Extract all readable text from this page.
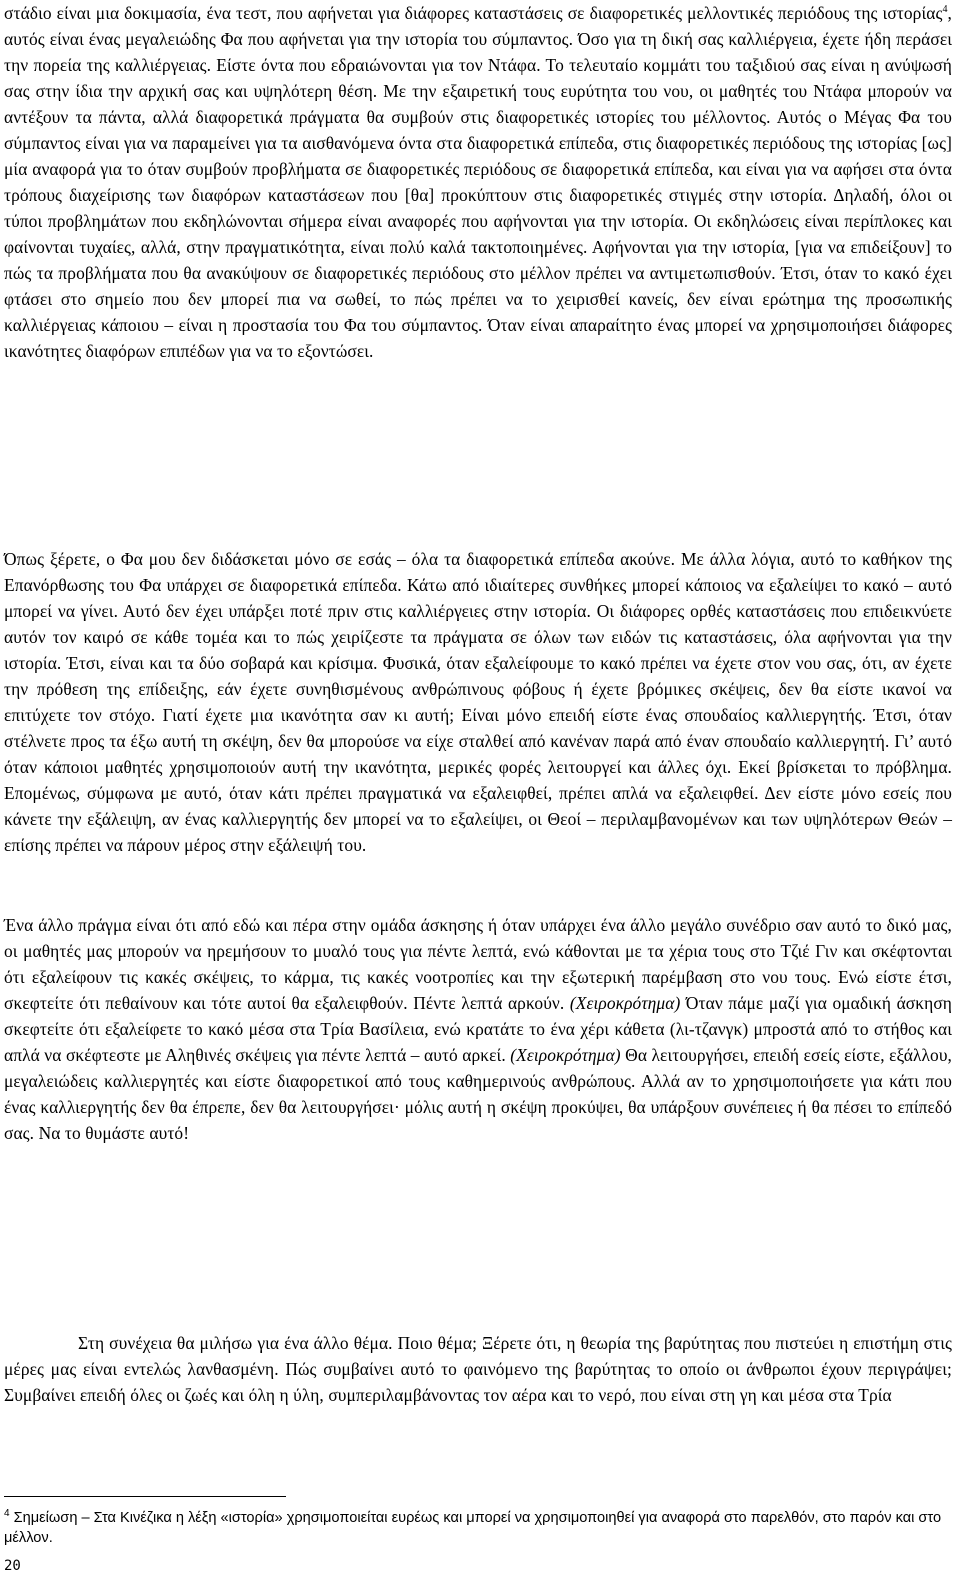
στάδιο είναι μια δοκιμασία, ένα τεστ, που αφήνεται για διάφορες καταστάσεις σε διαφορετικές μελλοντικές περιόδους της ιστορίας$^4$, αυτός είναι ένας μεγαλειώδης Φα που αφήνεται για την ιστορία του σύμπαντος. Όσο για τη δική σας καλλιέργεια, έχετε ήδη περάσει την πορεία της καλλιέργειας. Είστε όντα που εδραιώνονται για τον Ντάφα. Το τελευταίο κομμάτι του ταξιδιού σας είναι η ανύψωσή σας στην ίδια την αρχική σας και υψηλότερη θέση. Με την εξαιρετική τους ευρύτητα του νου, οι μαθητές του Ντάφα μπορούν να αντέξουν τα πάντα, αλλά διαφορετικά πράγματα θα συμβούν στις διαφορετικές ιστορίες του μέλλοντος. Αυτός ο Μέγας Φα του σύμπαντος είναι για να παραμείνει για τα αισθανόμενα όντα στα διαφορετικά επίπεδα, στις διαφορετικές περιόδους της ιστορίας [ως] μία αναφορά για το όταν συμβούν προβλήματα σε διαφορετικές περιόδους σε διαφορετικά επίπεδα, και είναι για να αφήσει στα όντα τρόπους διαχείρισης των διαφόρων καταστάσεων που [θα] προκύπτουν στις διαφορετικές στιγμές στην ιστορία. Δηλαδή, όλοι οι τύποι προβλημάτων που εκδηλώνονται σήμερα είναι αναφορές που αφήνονται για την ιστορία. Οι εκδηλώσεις είναι περίπλοκες και φαίνονται τυχαίες, αλλά, στην πραγματικότητα, είναι πολύ καλά τακτοποιημένες. Αφήνονται για την ιστορία, [για να επιδείξουν] το πώς τα προβλήματα που θα ανακύψουν σε διαφορετικές περιόδους στο μέλλον πρέπει να αντιμετωπισθούν. Έτσι, όταν το κακό έχει φτάσει στο σημείο που δεν μπορεί πια να σωθεί, το πώς πρέπει να το χειρισθεί κανείς, δεν είναι ερώτημα της προσωπικής καλλιέργειας κάποιου – είναι η προστασία του Φα του σύμπαντος. Όταν είναι απαραίτητο ένας μπορεί να χρησιμοποιήσει διάφορες ικανότητες διαφόρων επιπέδων για να το εξοντώσει.

Όπως ξέρετε, ο Φα μου δεν διδάσκεται μόνο σε εσάς – όλα τα διαφορετικά επίπεδα ακούνε. Με άλλα λόγια, αυτό το καθήκον της Επανόρθωσης του Φα υπάρχει σε διαφορετικά επίπεδα. Κάτω από ιδιαίτερες συνθήκες μπορεί κάποιος να εξαλείψει το κακό – αυτό μπορεί να γίνει. Αυτό δεν έχει υπάρξει ποτέ πριν στις καλλιέργειες στην ιστορία. Οι διάφορες ορθές καταστάσεις που επιδεικνύετε αυτόν τον καιρό σε κάθε τομέα και το πώς χειρίζεστε τα πράγματα σε όλων των ειδών τις καταστάσεις, όλα αφήνονται για την ιστορία. Έτσι, είναι και τα δύο σοβαρά και κρίσιμα. Φυσικά, όταν εξαλείφουμε το κακό πρέπει να έχετε στον νου σας, ότι, αν έχετε την πρόθεση της επίδειξης, εάν έχετε συνηθισμένους ανθρώπινους φόβους ή έχετε βρόμικες σκέψεις, δεν θα είστε ικανοί να επιτύχετε τον στόχο. Γιατί έχετε μια ικανότητα σαν κι αυτή; Είναι μόνο επειδή είστε ένας σπουδαίος καλλιεργητής. Έτσι, όταν στέλνετε προς τα έξω αυτή τη σκέψη, δεν θα μπορούσε να είχε σταλθεί από κανέναν παρά από έναν σπουδαίο καλλιεργητή. Γι’ αυτό όταν κάποιοι μαθητές χρησιμοποιούν αυτή την ικανότητα, μερικές φορές λειτουργεί και άλλες όχι. Εκεί βρίσκεται το πρόβλημα. Επομένως, σύμφωνα με αυτό, όταν κάτι πρέπει πραγματικά να εξαλειφθεί, πρέπει απλά να εξαλειφθεί. Δεν είστε μόνο εσείς που κάνετε την εξάλειψη, αν ένας καλλιεργητής δεν μπορεί να το εξαλείψει, οι Θεοί – περιλαμβανομένων και των υψηλότερων Θεών – επίσης πρέπει να πάρουν μέρος στην εξάλειψή του.

Ένα άλλο πράγμα είναι ότι από εδώ και πέρα στην ομάδα άσκησης ή όταν υπάρχει ένα άλλο μεγάλο συνέδριο σαν αυτό το δικό μας, οι μαθητές μας μπορούν να ηρεμήσουν το μυαλό τους για πέντε λεπτά, ενώ κάθονται με τα χέρια τους στο Τζιέ Γιν και σκέφτονται ότι εξαλείφουν τις κακές σκέψεις, το κάρμα, τις κακές νοοτροπίες και την εξωτερική παρέμβαση στο νου τους. Ενώ είστε έτσι, σκεφτείτε ότι πεθαίνουν και τότε αυτοί θα εξαλειφθούν. Πέντε λεπτά αρκούν. (Χειροκρότημα) Όταν πάμε μαζί για ομαδική άσκηση σκεφτείτε ότι εξαλείφετε το κακό μέσα στα Τρία Βασίλεια, ενώ κρατάτε το ένα χέρι κάθετα (λι-τζανγκ) μπροστά από το στήθος και απλά να σκέφτεστε με Αληθινές σκέψεις για πέντε λεπτά – αυτό αρκεί. (Χειροκρότημα) Θα λειτουργήσει, επειδή εσείς είστε, εξάλλου, μεγαλειώδεις καλλιεργητές και είστε διαφορετικοί από τους καθημερινούς ανθρώπους. Αλλά αν το χρησιμοποιήσετε για κάτι που ένας καλλιεργητής δεν θα έπρεπε, δεν θα λειτουργήσει· μόλις αυτή η σκέψη προκύψει, θα υπάρξουν συνέπειες ή θα πέσει το επίπεδό σας. Να το θυμάστε αυτό!

Στη συνέχεια θα μιλήσω για ένα άλλο θέμα. Ποιο θέμα; Ξέρετε ότι, η θεωρία της βαρύτητας που πιστεύει η επιστήμη στις μέρες μας είναι εντελώς λανθασμένη. Πώς συμβαίνει αυτό το φαινόμενο της βαρύτητας το οποίο οι άνθρωποι έχουν περιγράψει; Συμβαίνει επειδή όλες οι ζωές και όλη η ύλη, συμπεριλαμβάνοντας τον αέρα και το νερό, που είναι στη γη και μέσα στα Τρία

$^4$ Σημείωση – Στα Κινέζικα η λέξη «ιστορία» χρησιμοποιείται ευρέως και μπορεί να χρησιμοποιηθεί για αναφορά στο παρελθόν, στο παρόν και στο μέλλον.

20
